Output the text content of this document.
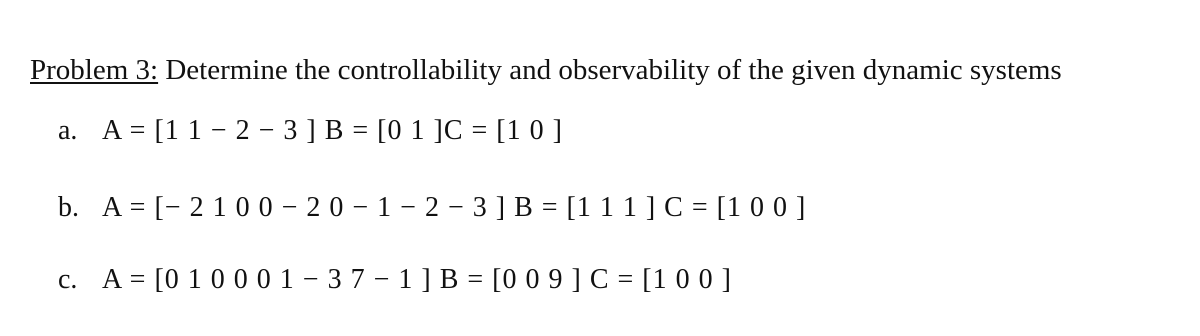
Problem 3: Determine the controllability and observability of the given dynamic systems
a. A = [1 1 − 2 − 3 ] B = [0 1 ]C = [1 0 ]
b. A = [− 2 1 0 0 − 2 0 − 1 − 2 − 3 ] B = [1 1 1 ] C = [1 0 0 ]
c. A = [0 1 0 0 0 1 − 3 7 − 1 ] B = [0 0 9 ] C = [1 0 0 ]
